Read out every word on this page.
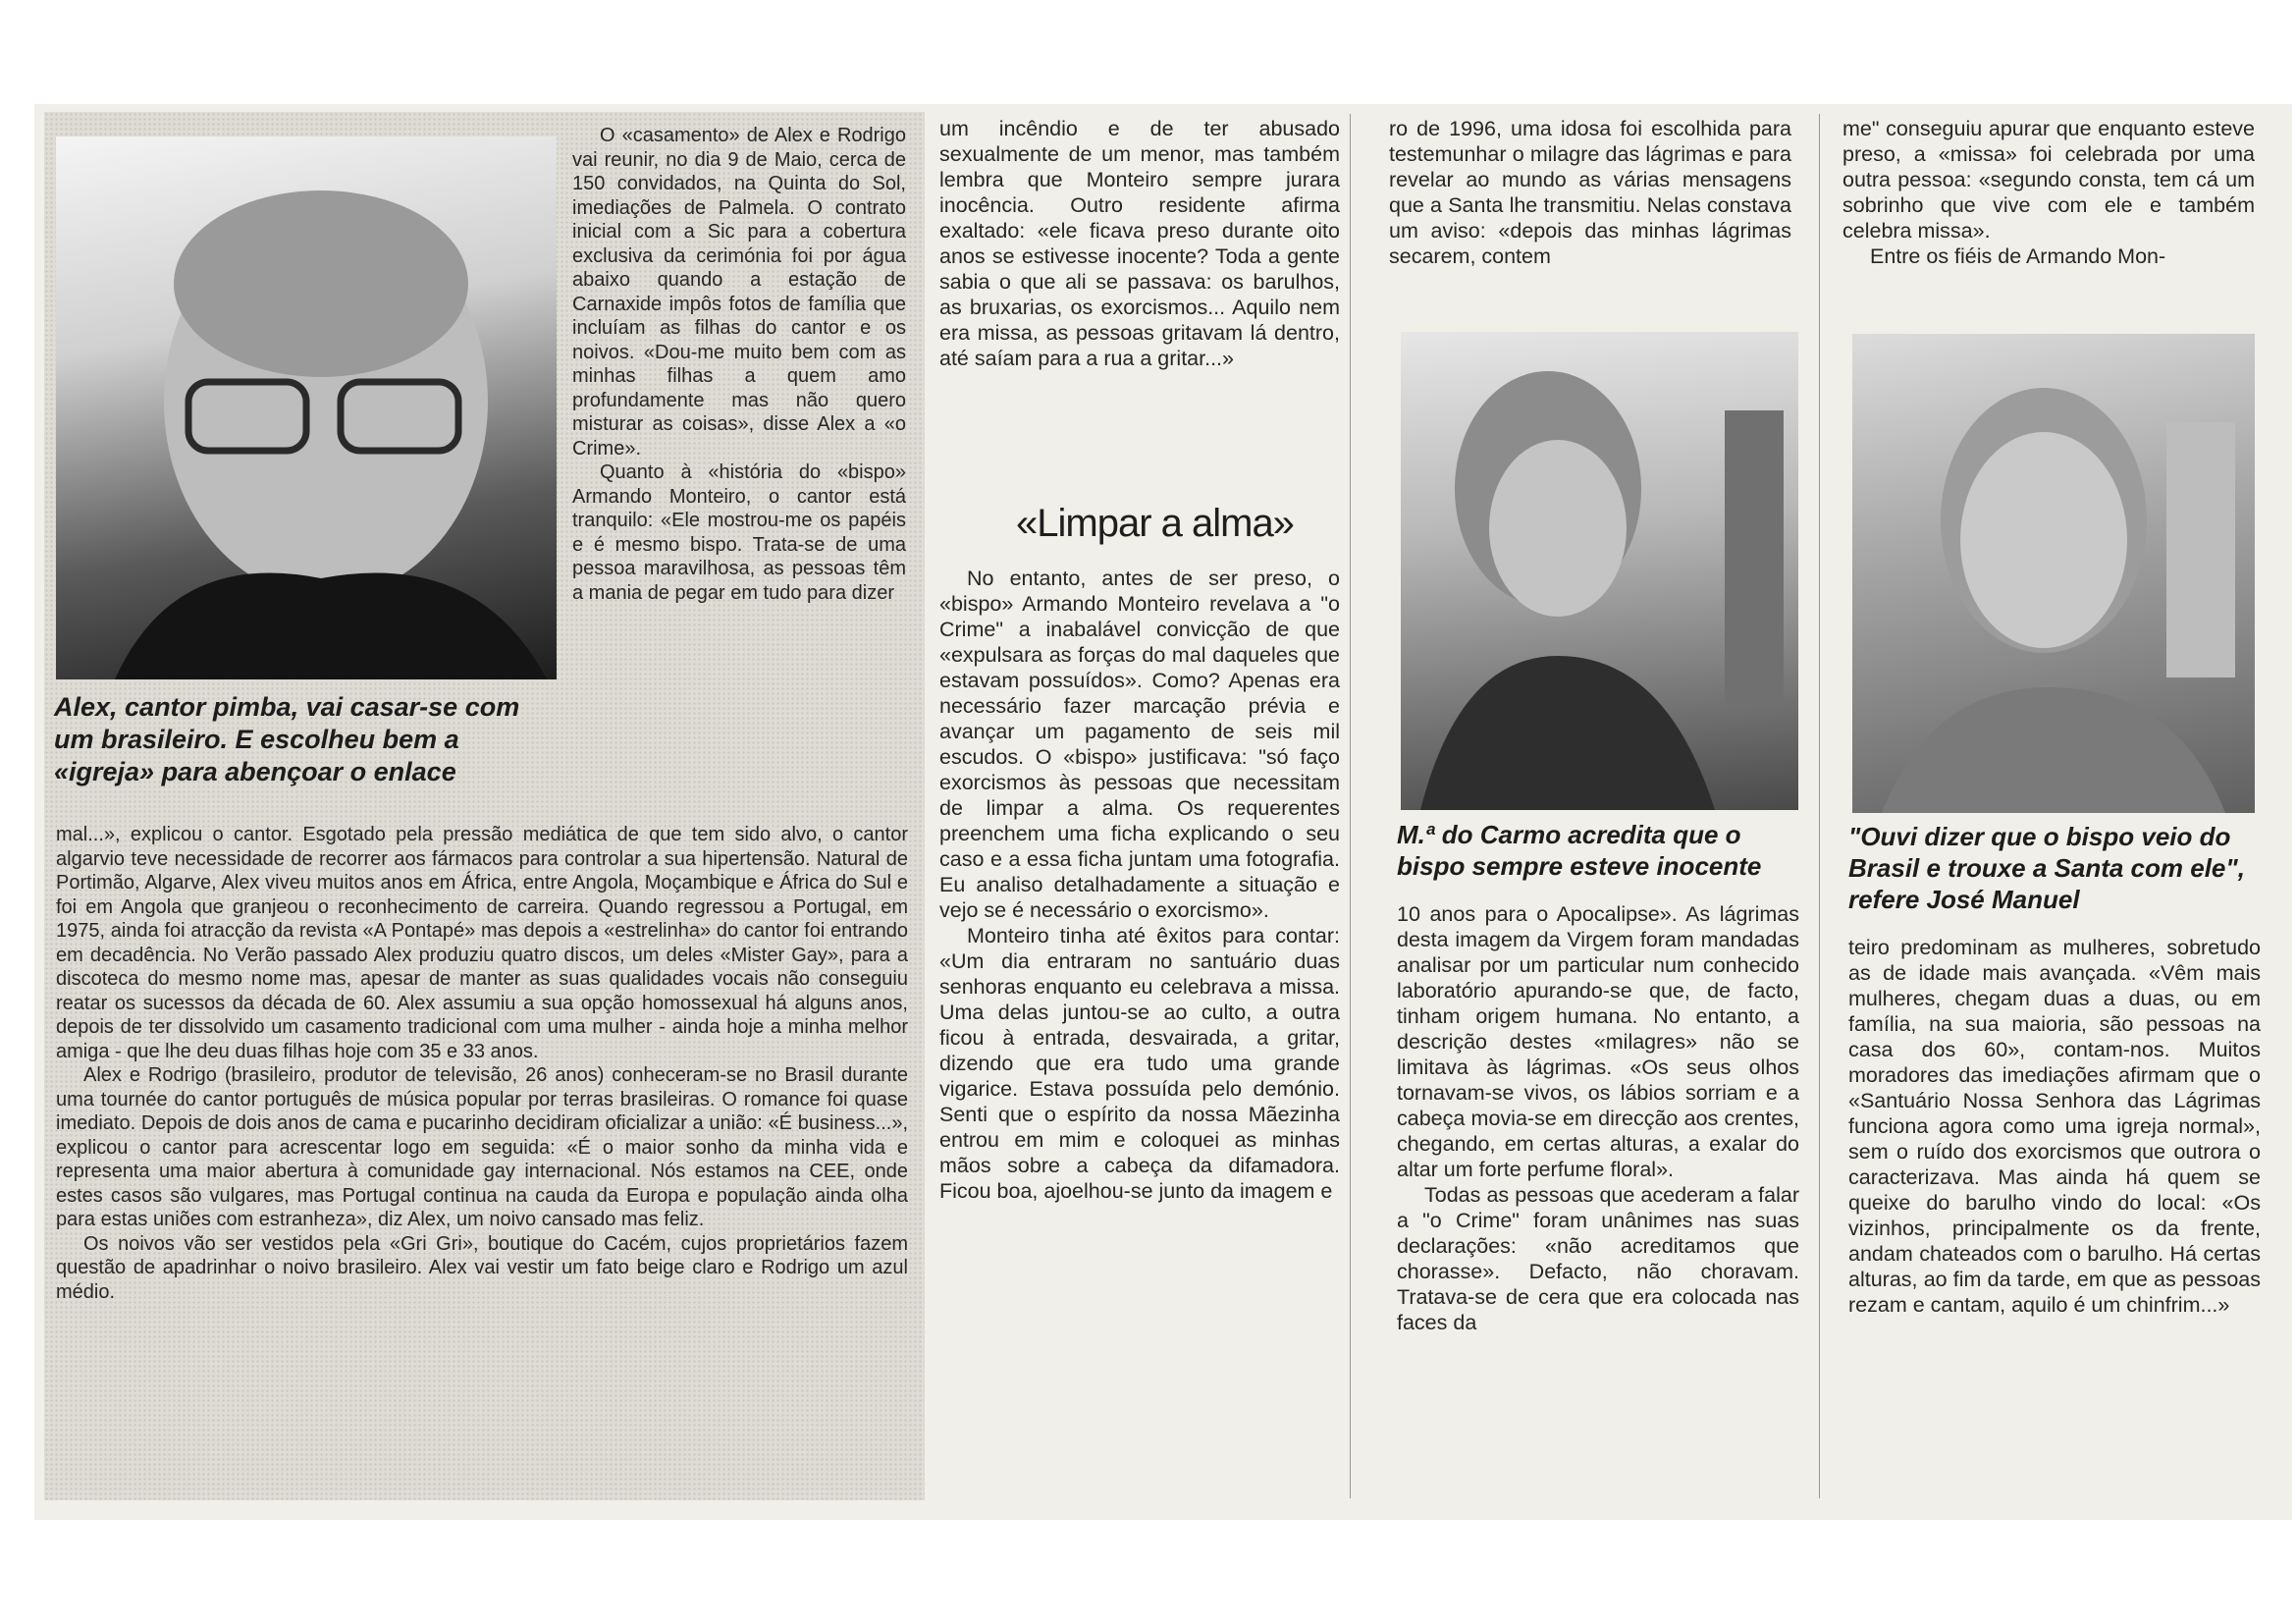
Alex, cantor pimba, vai casar-se com um brasileiro. E escolheu bem a «igreja» para abençoar o enlace

O «casamento» de Alex e Rodrigo vai reunir, no dia 9 de Maio, cerca de 150 convidados, na Quinta do Sol, imediações de Palmela. O contrato inicial com a Sic para a cobertura exclusiva da cerimónia foi por água abaixo quando a estação de Carnaxide impôs fotos de família que incluíam as filhas do cantor e os noivos. «Dou-me muito bem com as minhas filhas a quem amo profundamente mas não quero misturar as coisas», disse Alex a «o Crime».

Quanto à «história do «bispo» Armando Monteiro, o cantor está tranquilo: «Ele mostrou-me os papéis e é mesmo bispo. Trata-se de uma pessoa maravilhosa, as pessoas têm a mania de pegar em tudo para dizer

mal...», explicou o cantor. Esgotado pela pressão mediática de que tem sido alvo, o cantor algarvio teve necessidade de recorrer aos fármacos para controlar a sua hipertensão. Natural de Portimão, Algarve, Alex viveu muitos anos em África, entre Angola, Moçambique e África do Sul e foi em Angola que granjeou o reconhecimento de carreira. Quando regressou a Portugal, em 1975, ainda foi atracção da revista «A Pontapé» mas depois a «estrelinha» do cantor foi entrando em decadência. No Verão passado Alex produziu quatro discos, um deles «Mister Gay», para a discoteca do mesmo nome mas, apesar de manter as suas qualidades vocais não conseguiu reatar os sucessos da década de 60. Alex assumiu a sua opção homossexual há alguns anos, depois de ter dissolvido um casamento tradicional com uma mulher - ainda hoje a minha melhor amiga - que lhe deu duas filhas hoje com 35 e 33 anos.

Alex e Rodrigo (brasileiro, produtor de televisão, 26 anos) conheceram-se no Brasil durante uma tournée do cantor português de música popular por terras brasileiras. O romance foi quase imediato. Depois de dois anos de cama e pucarinho decidiram oficializar a união: «É business...», explicou o cantor para acrescentar logo em seguida: «É o maior sonho da minha vida e representa uma maior abertura à comunidade gay internacional. Nós estamos na CEE, onde estes casos são vulgares, mas Portugal continua na cauda da Europa e população ainda olha para estas uniões com estranheza», diz Alex, um noivo cansado mas feliz.

Os noivos vão ser vestidos pela «Gri Gri», boutique do Cacém, cujos proprietários fazem questão de apadrinhar o noivo brasileiro. Alex vai vestir um fato beige claro e Rodrigo um azul médio.

um incêndio e de ter abusado sexualmente de um menor, mas também lembra que Monteiro sempre jurara inocência. Outro residente afirma exaltado: «ele ficava preso durante oito anos se estivesse inocente? Toda a gente sabia o que ali se passava: os barulhos, as bruxarias, os exorcismos... Aquilo nem era missa, as pessoas gritavam lá dentro, até saíam para a rua a gritar...»

«Limpar a alma»

No entanto, antes de ser preso, o «bispo» Armando Monteiro revelava a "o Crime" a inabalável convicção de que «expulsara as forças do mal daqueles que estavam possuídos». Como? Apenas era necessário fazer marcação prévia e avançar um pagamento de seis mil escudos. O «bispo» justificava: "só faço exorcismos às pessoas que necessitam de limpar a alma. Os requerentes preenchem uma ficha explicando o seu caso e a essa ficha juntam uma fotografia. Eu analiso detalhadamente a situação e vejo se é necessário o exorcismo».

Monteiro tinha até êxitos para contar: «Um dia entraram no santuário duas senhoras enquanto eu celebrava a missa. Uma delas juntou-se ao culto, a outra ficou à entrada, desvairada, a gritar, dizendo que era tudo uma grande vigarice. Estava possuída pelo demónio. Senti que o espírito da nossa Mãezinha entrou em mim e coloquei as minhas mãos sobre a cabeça da difamadora. Ficou boa, ajoelhou-se junto da imagem e

ro de 1996, uma idosa foi escolhida para testemunhar o milagre das lágrimas e para revelar ao mundo as várias mensagens que a Santa lhe transmitiu. Nelas constava um aviso: «depois das minhas lágrimas secarem, contem

M.ª do Carmo acredita que o bispo sempre esteve inocente

10 anos para o Apocalipse». As lágrimas desta imagem da Virgem foram mandadas analisar por um particular num conhecido laboratório apurando-se que, de facto, tinham origem humana. No entanto, a descrição destes «milagres» não se limitava às lágrimas. «Os seus olhos tornavam-se vivos, os lábios sorriam e a cabeça movia-se em direcção aos crentes, chegando, em certas alturas, a exalar do altar um forte perfume floral».

Todas as pessoas que acederam a falar a "o Crime" foram unânimes nas suas declarações: «não acreditamos que chorasse». Defacto, não choravam. Tratava-se de cera que era colocada nas faces da

me" conseguiu apurar que enquanto esteve preso, a «missa» foi celebrada por uma outra pessoa: «segundo consta, tem cá um sobrinho que vive com ele e também celebra missa».

Entre os fiéis de Armando Mon-

"Ouvi dizer que o bispo veio do Brasil e trouxe a Santa com ele", refere José Manuel

teiro predominam as mulheres, sobretudo as de idade mais avançada. «Vêm mais mulheres, chegam duas a duas, ou em família, na sua maioria, são pessoas na casa dos 60», contam-nos. Muitos moradores das imediações afirmam que o «Santuário Nossa Senhora das Lágrimas funciona agora como uma igreja normal», sem o ruído dos exorcismos que outrora o caracterizava. Mas ainda há quem se queixe do barulho vindo do local: «Os vizinhos, principalmente os da frente, andam chateados com o barulho. Há certas alturas, ao fim da tarde, em que as pessoas rezam e cantam, aquilo é um chinfrim...»
